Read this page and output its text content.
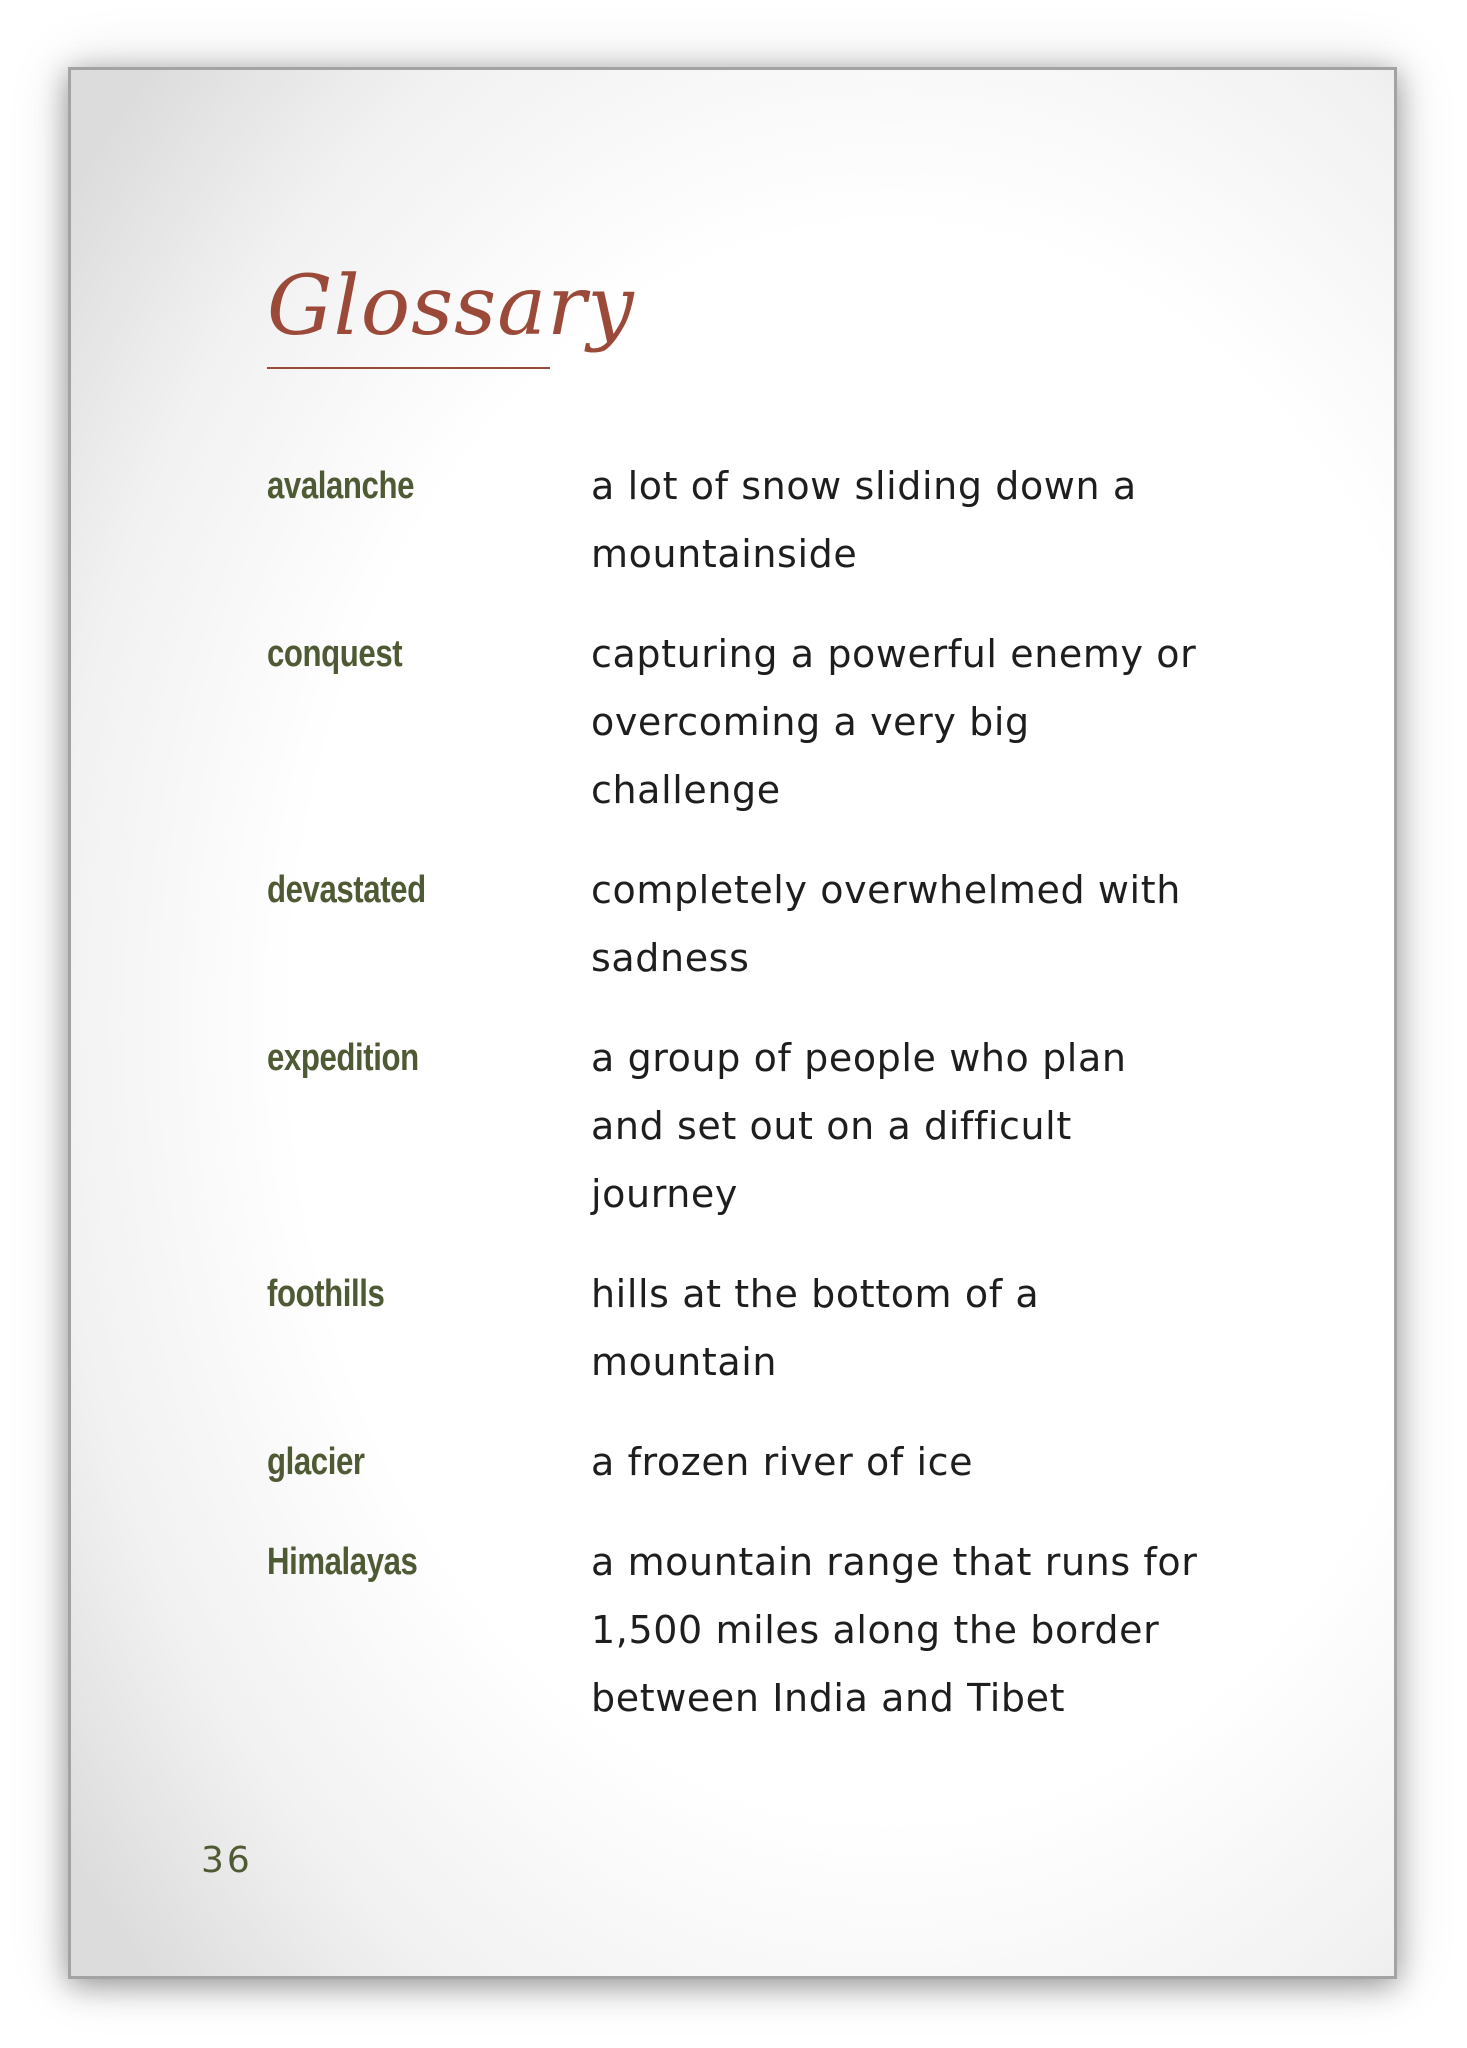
Glossary
avalanche	a lot of snow sliding down a mountainside
conquest	capturing a powerful enemy or overcoming a very big challenge
devastated	completely overwhelmed with sadness
expedition	a group of people who plan and set out on a difficult journey
foothills	hills at the bottom of a mountain
glacier	a frozen river of ice
Himalayas	a mountain range that runs for 1,500 miles along the border between India and Tibet
36
